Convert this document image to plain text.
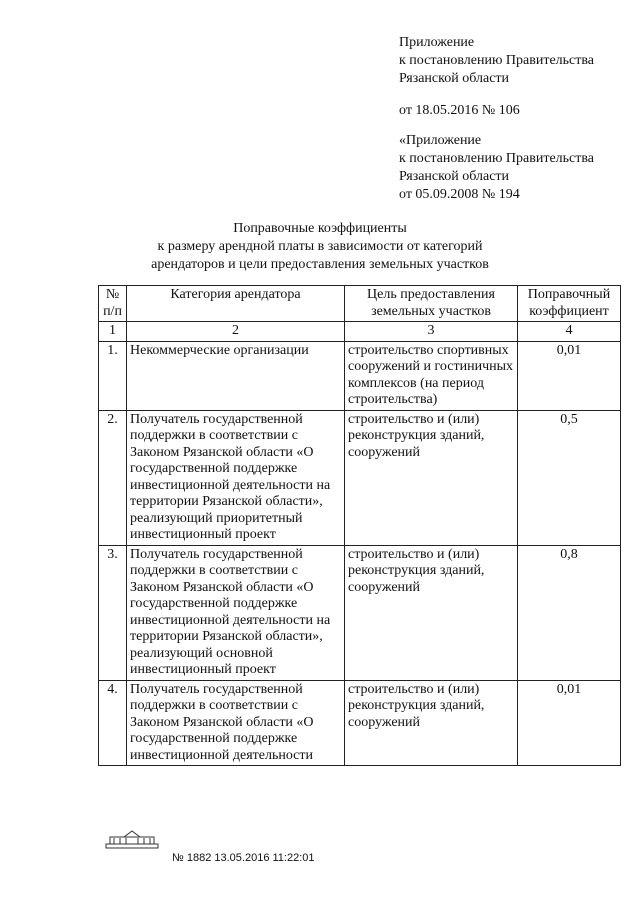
Приложение

к постановлению Правительства

Рязанской области

от 18.05.2016 № 106

«Приложение

к постановлению Правительства

Рязанской области

от 05.09.2008 № 194

Поправочные коэффициенты

к размеру арендной платы в зависимости от категорий

арендаторов и цели предоставления земельных участков

№ п/п	Категория арендатора	Цель предоставления земельных участков	Поправочный коэффициент
1	2	3	4
1.	Некоммерческие организации	строительство спортивных сооружений и гостиничных комплексов (на период строительства)	0,01
2.	Получатель государственной поддержки в соответствии с Законом Рязанской области «О государственной поддержке инвестиционной деятельности на территории Рязанской области», реализующий приоритетный инвестиционный проект	строительство и (или) реконструкция зданий, сооружений	0,5
3.	Получатель государственной поддержки в соответствии с Законом Рязанской области «О государственной поддержке инвестиционной деятельности на территории Рязанской области», реализующий основной инвестиционный проект	строительство и (или) реконструкция зданий, сооружений	0,8
4.	Получатель государственной поддержки в соответствии с Законом Рязанской области «О государственной поддержке инвестиционной деятельности	строительство и (или) реконструкция зданий, сооружений	0,01
№ 1882 13.05.2016 11:22:01
